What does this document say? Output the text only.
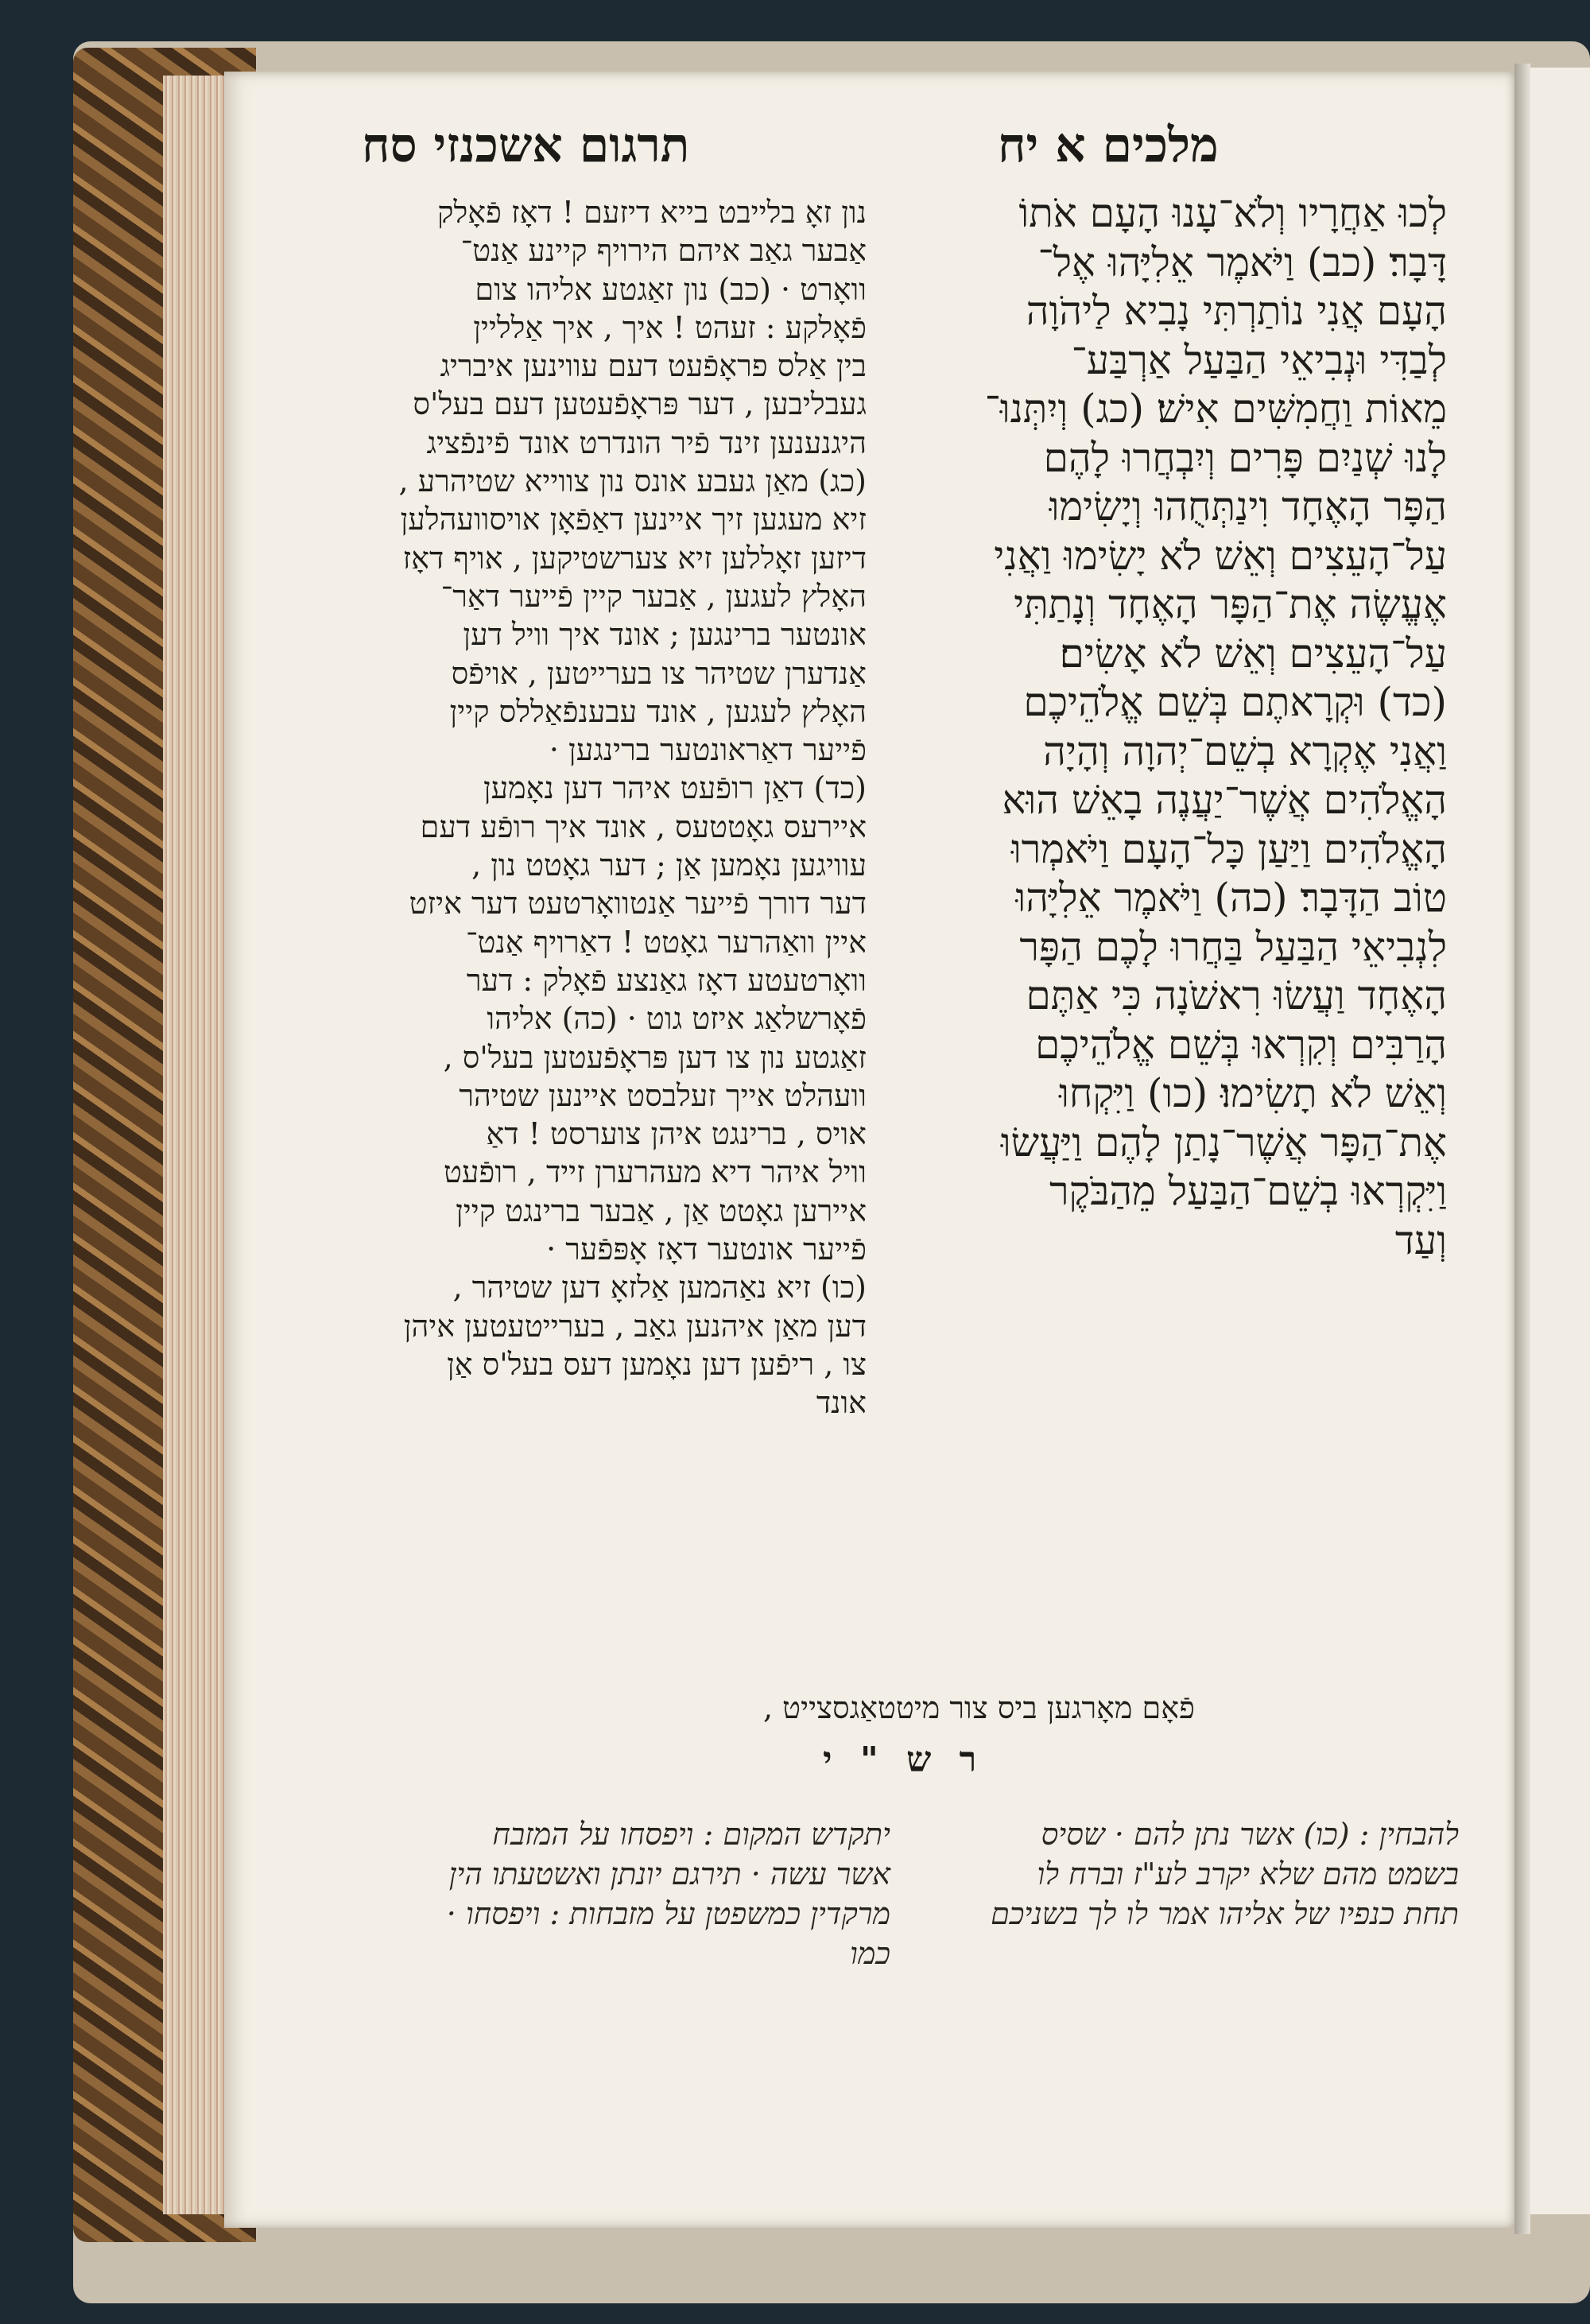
מלכים א יח
תרגום אשכנזי סח

לְכוּ אַחֲרָיו וְלֹא־עָנוּ הָעָם אֹתוֹ

דָּבָר׃ (כב) וַיֹּאמֶר אֵלִיָּהוּ אֶל־

הָעָם אֲנִי נוֹתַרְתִּי נָבִיא לַיהֹוָה

לְבַדִּי וּנְבִיאֵי הַבַּעַל אַרְבַּע־

מֵאוֹת וַחֲמִשִּׁים אִישׁ׃ (כג) וְיִתְּנוּ־

לָנוּ שְׁנַיִם פָּרִים וְיִבְחֲרוּ לָהֶם

הַפָּר הָאֶחָד וִינַתְּחֻהוּ וְיָשִׂימוּ

עַל־הָעֵצִים וְאֵשׁ לֹא יָשִׂימוּ וַאֲנִי

אֶעֱשֶׂה אֶת־הַפָּר הָאֶחָד וְנָתַתִּי

עַל־הָעֵצִים וְאֵשׁ לֹא אָשִׂים׃

(כד) וּקְרָאתֶם בְּשֵׁם אֱלֹהֵיכֶם

וַאֲנִי אֶקְרָא בְשֵׁם־יְהוָה וְהָיָה

הָאֱלֹהִים אֲשֶׁר־יַעֲנֶה בָאֵשׁ הוּא

הָאֱלֹהִים וַיַּעַן כָּל־הָעָם וַיֹּאמְרוּ

טוֹב הַדָּבָר׃ (כה) וַיֹּאמֶר אֵלִיָּהוּ

לִנְבִיאֵי הַבַּעַל בַּחֲרוּ לָכֶם הַפָּר

הָאֶחָד וַעֲשׂוּ רִאשֹׁנָה כִּי אַתֶּם

הָרַבִּים וְקִרְאוּ בְּשֵׁם אֱלֹהֵיכֶם

וְאֵשׁ לֹא תָשִׂימוּ׃ (כו) וַיִּקְחוּ

אֶת־הַפָּר אֲשֶׁר־נָתַן לָהֶם וַיַּעֲשׂוּ

וַיִּקְרְאוּ בְשֵׁם־הַבַּעַל מֵהַבֹּקֶר

וְעַד

נון זאָ בלייבט בייא דיזעם ! דאָז פֿאָלק

אַבער גאַב איהם הירויף קיינע אַנט־

וואָרט · (כב) נון זאַגטע אליהו צום

פֿאָלקע : זעהט ! איך , איך אַלליין

בין אַלס פראָפֿעט דעם עווינען איבריג

געבליבען , דער פּראָפֿעטען דעם בעל'ס

היגנענען זינד פֿיר הונדרט אונד פֿינפֿציג

(כג) מאַן געבע אונס נון צווייא שטיהרע ,

זיא מעגען זיך איינען דאַפֿאָן אויסוועהלען

דיזען זאָללען זיא צערשטיקען , אויף דאָז

האָלץ לעגען , אַבער קיין פֿייער דאַר־

אונטער ברינגען ; אונד איך וויל דען

אַנדערן שטיהר צו בערייטען , אויפֿס

האָלץ לעגען , אונד עבענפֿאַללס קיין

פֿייער דאַראונטער ברינגען ·

(כד) דאַן רופֿעט איהר דען נאָמען

איירעס גאָטטעס , אונד איך רופֿע דעם

עוויגען נאָמען אַן ; דער גאָטט נון ,

דער דורך פֿייער אַנטוואָרטעט דער איזט

איין וואַהרער גאָטט ! דאַרויף אַנט־

וואָרטעטע דאָז גאַנצע פֿאָלק : דער

פֿאָרשלאַג איזט גוט · (כה) אליהו

זאַגטע נון צו דען פּראָפֿעטען בעל'ס ,

וועהלט אייך זעלבסט איינען שטיהר

אויס , ברינגט איהן צוערסט ! דאַ

וויל איהר דיא מעהרערן זייד , רופֿעט

איירען גאָטט אַן , אַבער ברינגט קיין

פֿייער אונטער דאָז אָפּפֿער ·

(כו) זיא נאַהמען אַלזאָ דען שטיהר ,

דען מאַן איהנען גאַב , בערייטעטען איהן

צו , ריפֿען דען נאָמען דעס בעל'ס אַן

אונד

פֿאָם מאָרגען ביס צור מיטטאַגסצייט ,
ר ש " י

להבחין : (כו) אשר נתן להם · שסיס

בשמט מהם שלא יקרב לע"ז וברח לו

תחת כנפיו של אליהו אמר לו לך בשניכם

יתקדש המקום : ויפסחו על המזבח

אשר עשה · תירגם יונתן ואשטעתו הין

מרקדין כמשפטן על מזבחות : ויפסחו ·

כמו
